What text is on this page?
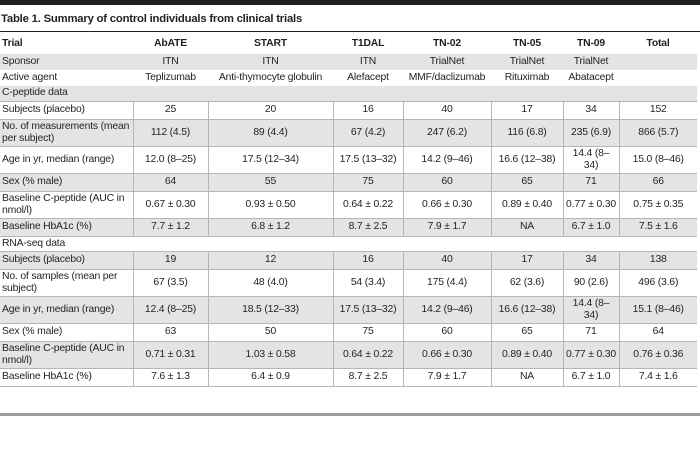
Table 1. Summary of control individuals from clinical trials
Trial	AbATE	START	T1DAL	TN-02	TN-05	TN-09	Total
Sponsor	ITN	ITN	ITN	TrialNet	TrialNet	TrialNet	
Active agent	Teplizumab	Anti-thymocyte globulin	Alefacept	MMF/daclizumab	Rituximab	Abatacept	
C-peptide data							
Subjects (placebo)	25	20	16	40	17	34	152
No. of measurements (mean per subject)	112 (4.5)	89 (4.4)	67 (4.2)	247 (6.2)	116 (6.8)	235 (6.9)	866 (5.7)
Age in yr, median (range)	12.0 (8–25)	17.5 (12–34)	17.5 (13–32)	14.2 (9–46)	16.6 (12–38)	14.4 (8–34)	15.0 (8–46)
Sex (% male)	64	55	75	60	65	71	66
Baseline C-peptide (AUC in nmol/l)	0.67 ± 0.30	0.93 ± 0.50	0.64 ± 0.22	0.66 ± 0.30	0.89 ± 0.40	0.77 ± 0.30	0.75 ± 0.35
Baseline HbA1c (%)	7.7 ± 1.2	6.8 ± 1.2	8.7 ± 2.5	7.9 ± 1.7	NA	6.7 ± 1.0	7.5 ± 1.6
RNA-seq data							
Subjects (placebo)	19	12	16	40	17	34	138
No. of samples (mean per subject)	67 (3.5)	48 (4.0)	54 (3.4)	175 (4.4)	62 (3.6)	90 (2.6)	496 (3.6)
Age in yr, median (range)	12.4 (8–25)	18.5 (12–33)	17.5 (13–32)	14.2 (9–46)	16.6 (12–38)	14.4 (8–34)	15.1 (8–46)
Sex (% male)	63	50	75	60	65	71	64
Baseline C-peptide (AUC in nmol/l)	0.71 ± 0.31	1.03 ± 0.58	0.64 ± 0.22	0.66 ± 0.30	0.89 ± 0.40	0.77 ± 0.30	0.76 ± 0.36
Baseline HbA1c (%)	7.6 ± 1.3	6.4 ± 0.9	8.7 ± 2.5	7.9 ± 1.7	NA	6.7 ± 1.0	7.4 ± 1.6
